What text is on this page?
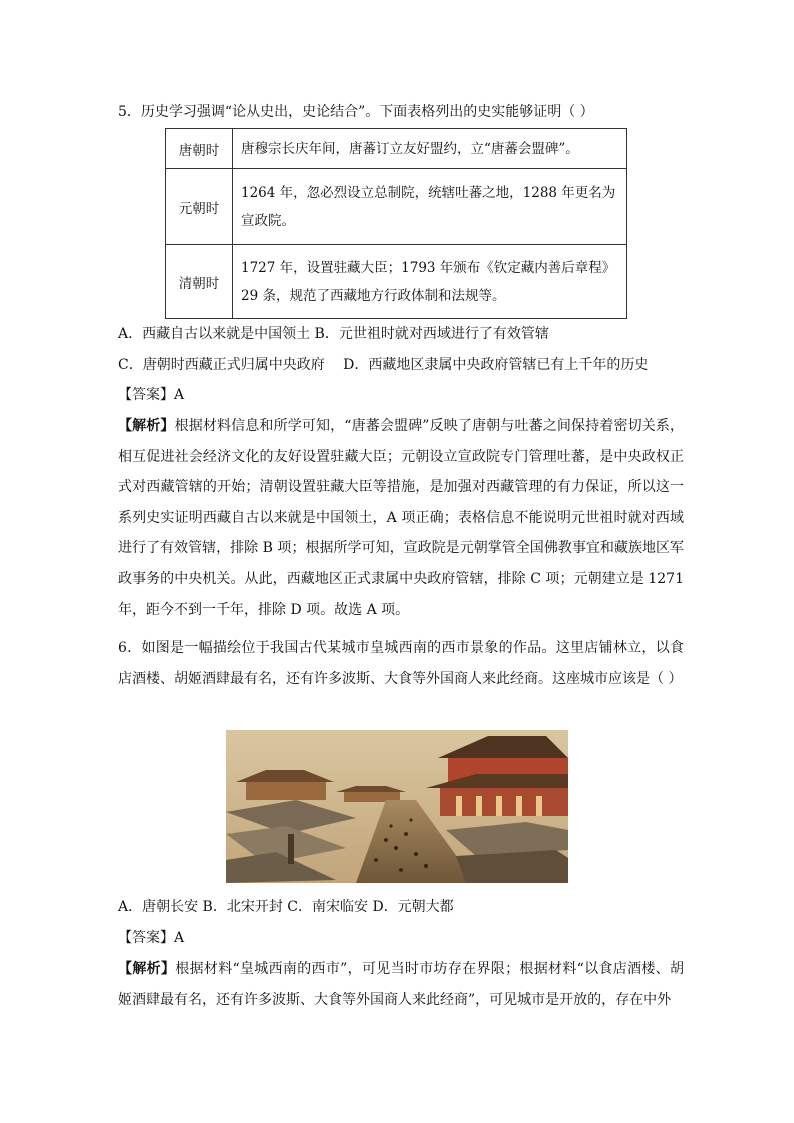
5．历史学习强调“论从史出，史论结合”。下面表格列出的史实能够证明（ ）
唐朝时	唐穆宗长庆年间，唐蕃订立友好盟约，立“唐蕃会盟碑”。
元朝时	1264 年，忽必烈设立总制院，统辖吐蕃之地，1288 年更名为宣政院。
清朝时	1727 年，设置驻藏大臣；1793 年颁布《钦定藏内善后章程》29 条，规范了西藏地方行政体制和法规等。
A．西藏自古以来就是中国领土 B．元世祖时就对西域进行了有效管辖
C．唐朝时西藏正式归属中央政府　 D．西藏地区隶属中央政府管辖已有上千年的历史
【答案】A
【解析】根据材料信息和所学可知，“唐蕃会盟碑”反映了唐朝与吐蕃之间保持着密切关系，相互促进社会经济文化的友好设置驻藏大臣；元朝设立宣政院专门管理吐蕃，是中央政权正式对西藏管辖的开始；清朝设置驻藏大臣等措施，是加强对西藏管理的有力保证，所以这一系列史实证明西藏自古以来就是中国领土，A 项正确；表格信息不能说明元世祖时就对西域进行了有效管辖，排除 B 项；根据所学可知，宣政院是元朝掌管全国佛教事宜和藏族地区军政事务的中央机关。从此，西藏地区正式隶属中央政府管辖，排除 C 项；元朝建立是 1271 年，距今不到一千年，排除 D 项。故选 A 项。
6．如图是一幅描绘位于我国古代某城市皇城西南的西市景象的作品。这里店铺林立，以食店酒楼、胡姬酒肆最有名，还有许多波斯、大食等外国商人来此经商。这座城市应该是（ ）
A．唐朝长安 B．北宋开封 C．南宋临安 D．元朝大都
【答案】A
【解析】根据材料“皇城西南的西市”，可见当时市坊存在界限；根据材料“以食店酒楼、胡姬酒肆最有名，还有许多波斯、大食等外国商人来此经商”，可见城市是开放的，存在中外
